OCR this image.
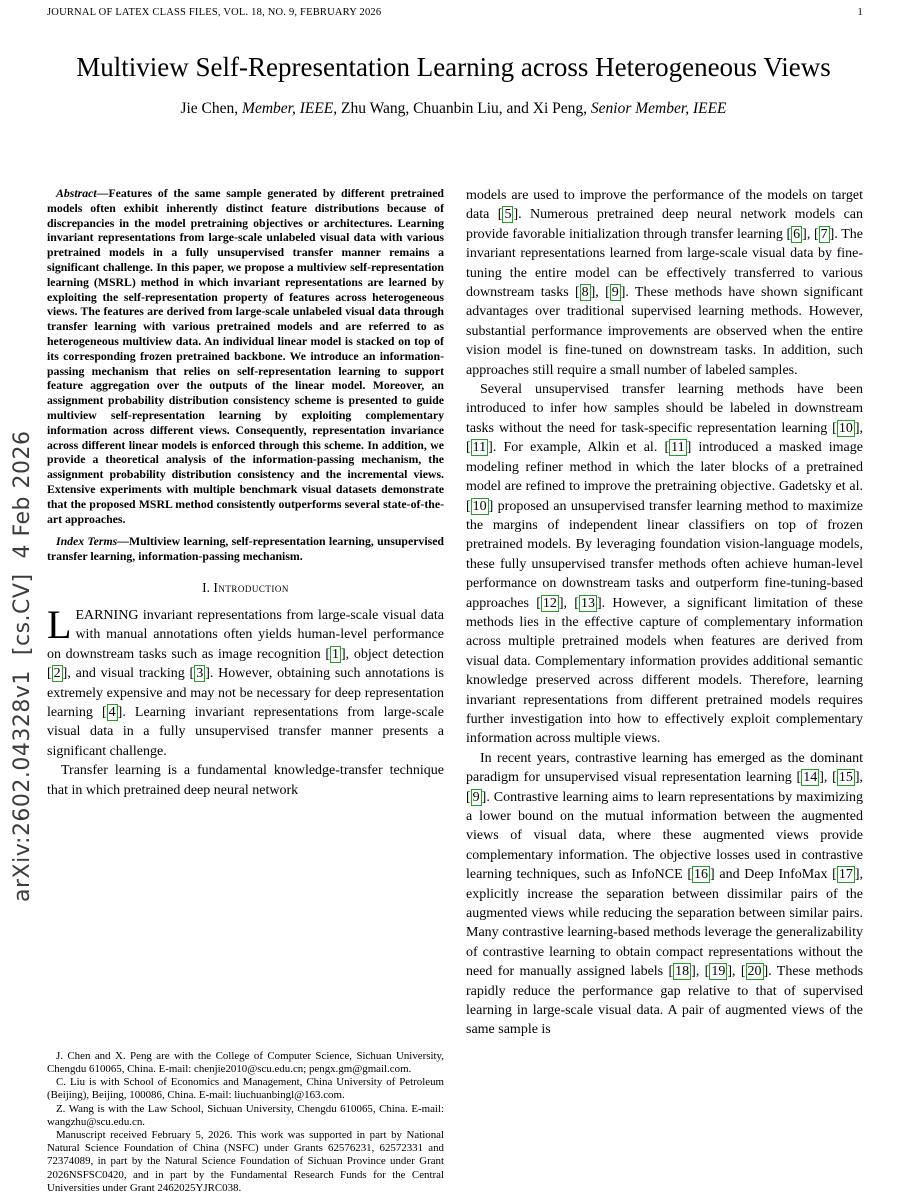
arXiv:2602.04328v1  [cs.CV]  4 Feb 2026
JOURNAL OF LATEX CLASS FILES, VOL. 18, NO. 9, FEBRUARY 2026	1
Multiview Self-Representation Learning across Heterogeneous Views
Jie Chen, Member, IEEE, Zhu Wang, Chuanbin Liu, and Xi Peng, Senior Member, IEEE

Abstract—Features of the same sample generated by different pretrained models often exhibit inherently distinct feature distributions because of discrepancies in the model pretraining objectives or architectures. Learning invariant representations from large-scale unlabeled visual data with various pretrained models in a fully unsupervised transfer manner remains a significant challenge. In this paper, we propose a multiview self-representation learning (MSRL) method in which invariant representations are learned by exploiting the self-representation property of features across heterogeneous views. The features are derived from large-scale unlabeled visual data through transfer learning with various pretrained models and are referred to as heterogeneous multiview data. An individual linear model is stacked on top of its corresponding frozen pretrained backbone. We introduce an information-passing mechanism that relies on self-representation learning to support feature aggregation over the outputs of the linear model. Moreover, an assignment probability distribution consistency scheme is presented to guide multiview self-representation learning by exploiting complementary information across different views. Consequently, representation invariance across different linear models is enforced through this scheme. In addition, we provide a theoretical analysis of the information-passing mechanism, the assignment probability distribution consistency and the incremental views. Extensive experiments with multiple benchmark visual datasets demonstrate that the proposed MSRL method consistently outperforms several state-of-the-art approaches.

Index Terms—Multiview learning, self-representation learning, unsupervised transfer learning, information-passing mechanism.

I. Introduction

LEARNING invariant representations from large-scale visual data with manual annotations often yields human-level performance on downstream tasks such as image recognition [ 1 ], object detection [ 2 ], and visual tracking [ 3 ]. However, obtaining such annotations is extremely expensive and may not be necessary for deep representation learning [ 4 ]. Learning invariant representations from large-scale visual data in a fully unsupervised transfer manner presents a significant challenge.

Transfer learning is a fundamental knowledge-transfer technique that in which pretrained deep neural network

J. Chen and X. Peng are with the College of Computer Science, Sichuan University, Chengdu 610065, China. E-mail: chenjie2010@scu.edu.cn; pengx.gm@gmail.com.

C. Liu is with School of Economics and Management, China University of Petroleum (Beijing), Beijing, 100086, China. E-mail: liuchuanbingl@163.com.

Z. Wang is with the Law School, Sichuan University, Chengdu 610065, China. E-mail: wangzhu@scu.edu.cn.

Manuscript received February 5, 2026. This work was supported in part by National Natural Science Foundation of China (NSFC) under Grants 62576231, 62572331 and 72374089, in part by the Natural Science Foundation of Sichuan Province under Grant 2026NSFSC0420, and in part by the Fundamental Research Funds for the Central Universities under Grant 2462025YJRC038.

models are used to improve the performance of the models on target data [ 5 ]. Numerous pretrained deep neural network models can provide favorable initialization through transfer learning [ 6 ], [ 7 ]. The invariant representations learned from large-scale visual data by fine-tuning the entire model can be effectively transferred to various downstream tasks [ 8 ], [ 9 ]. These methods have shown significant advantages over traditional supervised learning methods. However, substantial performance improvements are observed when the entire vision model is fine-tuned on downstream tasks. In addition, such approaches still require a small number of labeled samples.

Several unsupervised transfer learning methods have been introduced to infer how samples should be labeled in downstream tasks without the need for task-specific representation learning [ 10 ], [ 11 ]. For example, Alkin et al. [ 11 ] introduced a masked image modeling refiner method in which the later blocks of a pretrained model are refined to improve the pretraining objective. Gadetsky et al. [ 10 ] proposed an unsupervised transfer learning method to maximize the margins of independent linear classifiers on top of frozen pretrained models. By leveraging foundation vision-language models, these fully unsupervised transfer methods often achieve human-level performance on downstream tasks and outperform fine-tuning-based approaches [ 12 ], [ 13 ]. However, a significant limitation of these methods lies in the effective capture of complementary information across multiple pretrained models when features are derived from visual data. Complementary information provides additional semantic knowledge preserved across different models. Therefore, learning invariant representations from different pretrained models requires further investigation into how to effectively exploit complementary information across multiple views.

In recent years, contrastive learning has emerged as the dominant paradigm for unsupervised visual representation learning [ 14 ], [ 15 ], [ 9 ]. Contrastive learning aims to learn representations by maximizing a lower bound on the mutual information between the augmented views of visual data, where these augmented views provide complementary information. The objective losses used in contrastive learning techniques, such as InfoNCE [ 16 ] and Deep InfoMax [ 17 ], explicitly increase the separation between dissimilar pairs of the augmented views while reducing the separation between similar pairs. Many contrastive learning-based methods leverage the generalizability of contrastive learning to obtain compact representations without the need for manually assigned labels [ 18 ], [ 19 ], [ 20 ]. These methods rapidly reduce the performance gap relative to that of supervised learning in large-scale visual data. A pair of augmented views of the same sample is
